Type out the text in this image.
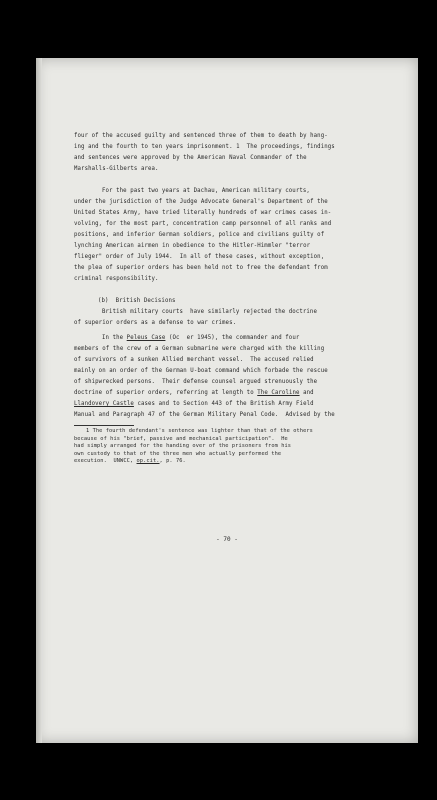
four of the accused guilty and sentenced three of them to death by hang-
ing and the fourth to ten years imprisonment. 1  The proceedings, findings
and sentences were approved by the American Naval Commander of the
Marshalls-Gilberts area.
For the past two years at Dachau, American military courts,
under the jurisdiction of the Judge Advocate General's Department of the
United States Army, have tried literally hundreds of war crimes cases in-
volving, for the most part, concentration camp personnel of all ranks and
positions, and inferior German soldiers, police and civilians guilty of
lynching American airmen in obedience to the Hitler-Himmler "terror
flieger" order of July 1944.  In all of these cases, without exception,
the plea of superior orders has been held not to free the defendant from
criminal responsibility.
(b)  British Decisions
British military courts  have similarly rejected the doctrine
of superior orders as a defense to war crimes.
In the Peleus Case (Oc  er 1945), the commander and four
members of the crew of a German submarine were charged with the killing
of survivors of a sunken Allied merchant vessel.  The accused relied
mainly on an order of the German U-boat command which forbade the rescue
of shipwrecked persons.  Their defense counsel argued strenuously the
doctrine of superior orders, referring at length to The Caroline and
Llandovery Castle cases and to Section 443 of the British Army Field
Manual and Paragraph 47 of the German Military Penal Code.  Advised by the
1 The fourth defendant's sentence was lighter than that of the others
because of his "brief, passive and mechanical participation".  He
had simply arranged for the handing over of the prisoners from his
own custody to that of the three men who actually performed the
execution.  UNWCC, op.cit., p. 76.
- 70 -
